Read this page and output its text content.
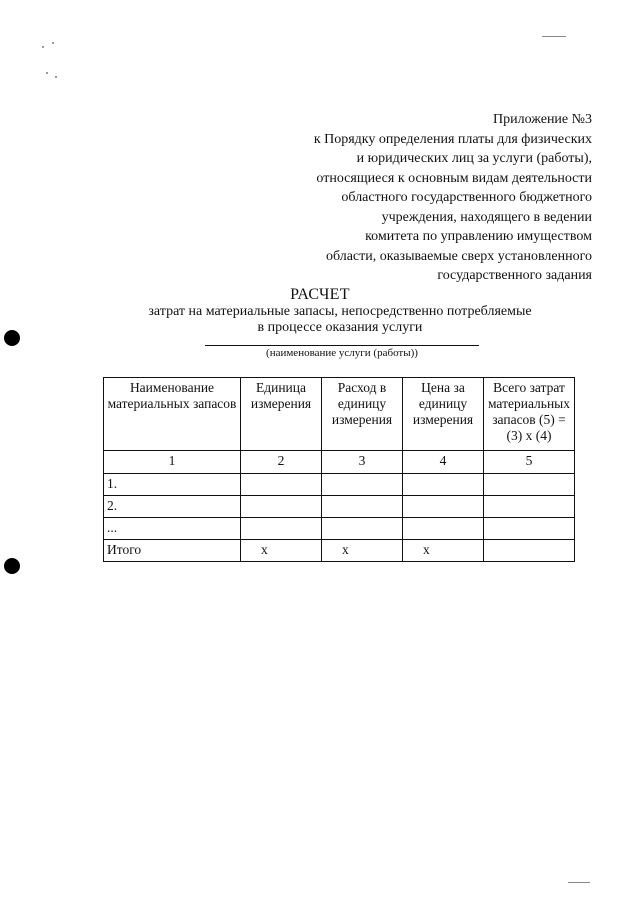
Приложение №3
к Порядку определения платы для физических
и юридических лиц за услуги (работы),
относящиеся к основным видам деятельности
областного государственного бюджетного
учреждения, находящего в ведении
комитета по управлению имуществом
области, оказываемые сверх установленного
государственного задания
РАСЧЕТ
затрат на материальные запасы, непосредственно потребляемые
в процессе оказания услуги
(наименование услуги (работы))
Наименование материальных запасов	Единица измерения	Расход в единицу измерения	Цена за единицу измерения	Всего затрат материальных запасов (5) = (3) х (4)
1	2	3	4	5
1.				
2.				
...				
Итого	х	х	х	
